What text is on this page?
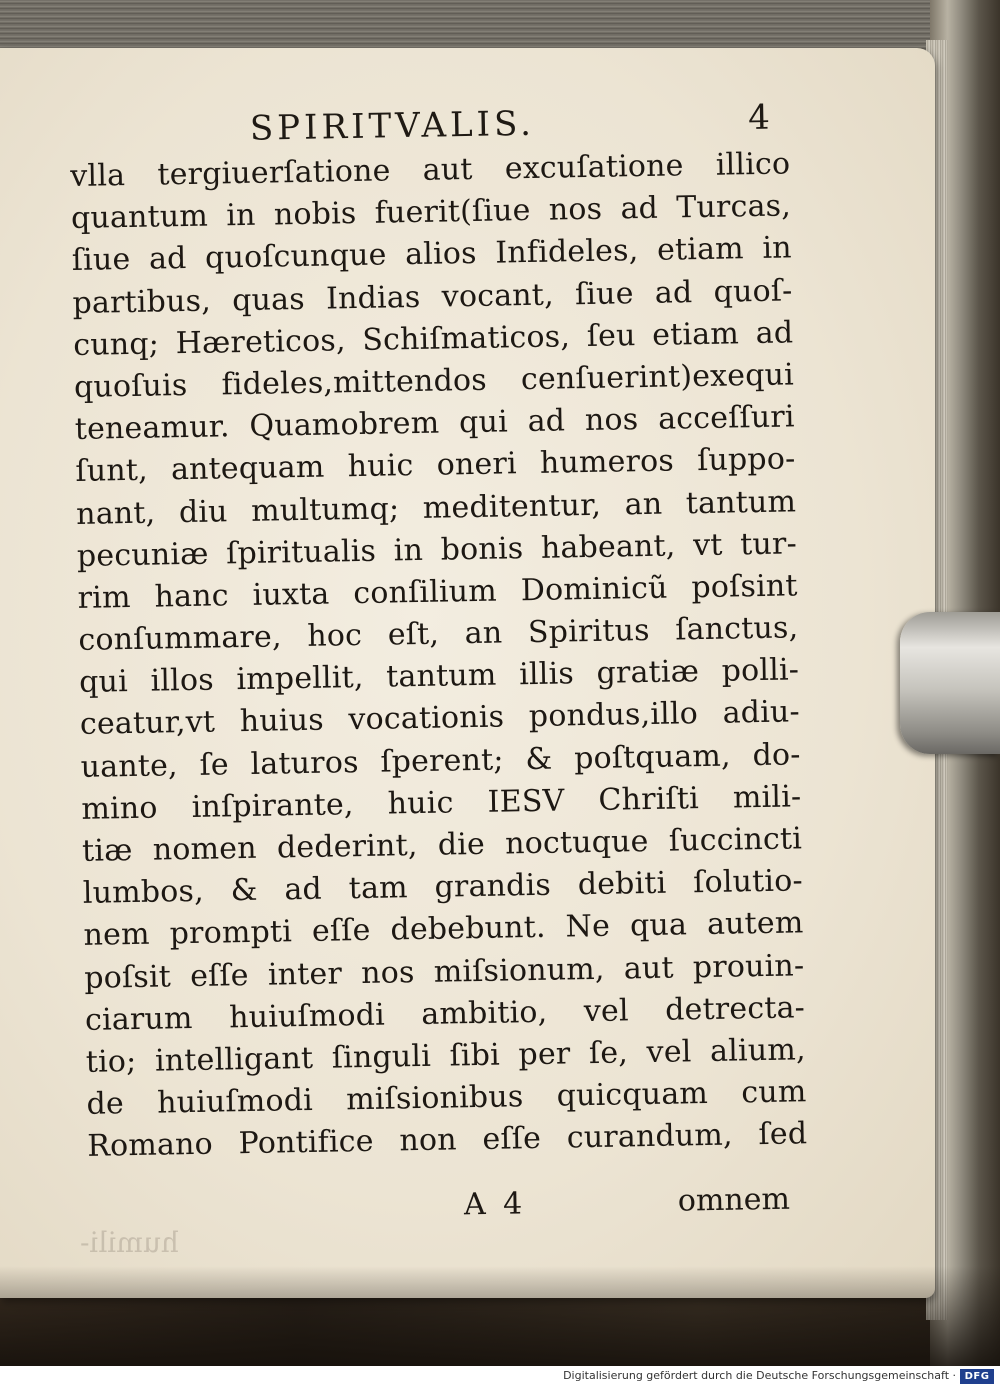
SPIRITVALIS.	4
vlla tergiuerſatione aut excuſatione illico
quantum in nobis fuerit(ſiue nos ad Turcas,
ſiue ad quoſcunque alios Infideles, etiam in
partibus, quas Indias vocant, ſiue ad quoſ-
cunq; Hæreticos, Schiſmaticos, ſeu etiam ad
quoſuis fideles,mittendos cenſuerint)exequi
teneamur. Quamobrem qui ad nos acceſſuri
ſunt, antequam huic oneri humeros ſuppo-
nant, diu multumq; meditentur, an tantum
pecuniæ ſpiritualis in bonis habeant, vt tur-
rim hanc iuxta conſilium Dominicũ poſsint
conſummare, hoc eſt, an Spiritus ſanctus,
qui illos impellit, tantum illis gratiæ polli-
ceatur,vt huius vocationis pondus,illo adiu-
uante, ſe laturos ſperent; & poſtquam, do-
mino inſpirante, huic IESV Chriſti mili-
tiæ nomen dederint, die noctuque ſuccincti
lumbos, & ad tam grandis debiti ſolutio-
nem prompti eſſe debebunt. Ne qua autem
poſsit eſſe inter nos miſsionum, aut prouin-
ciarum huiuſmodi ambitio, vel detrecta-
tio; intelligant ſinguli ſibi per ſe, vel alium,
de huiuſmodi miſsionibus quicquam cum
Romano Pontifice non eſſe curandum, ſed
A 4	omnem
humili-
Digitalisierung gefördert durch die Deutsche Forschungsgemeinschaft · DFG
